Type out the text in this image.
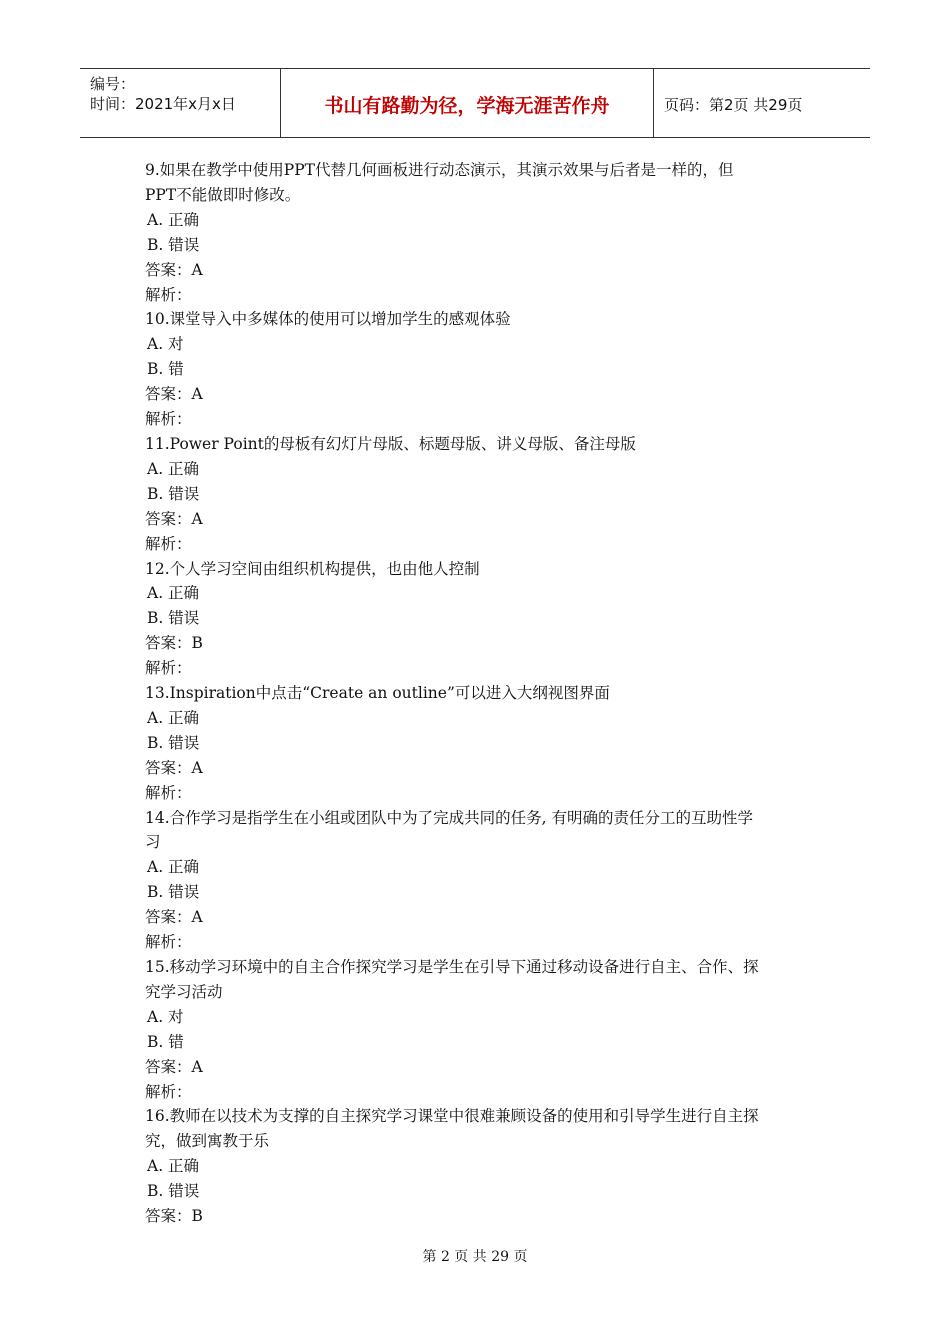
编号：
时间：2021年x月x日	书山有路勤为径，学海无涯苦作舟	页码：第2页 共29页
9.如果在教学中使用PPT代替几何画板进行动态演示，其演示效果与后者是一样的，但
PPT不能做即时修改。
A. 正确
B. 错误
答案：A
解析：
10.课堂导入中多媒体的使用可以增加学生的感观体验
A. 对
B. 错
答案：A
解析：
11.Power Point的母板有幻灯片母版、标题母版、讲义母版、备注母版
A. 正确
B. 错误
答案：A
解析：
12.个人学习空间由组织机构提供，也由他人控制
A. 正确
B. 错误
答案：B
解析：
13.Inspiration中点击“Create an outline”可以进入大纲视图界面
A. 正确
B. 错误
答案：A
解析：
14.合作学习是指学生在小组或团队中为了完成共同的任务, 有明确的责任分工的互助性学
习
A. 正确
B. 错误
答案：A
解析：
15.移动学习环境中的自主合作探究学习是学生在引导下通过移动设备进行自主、合作、探
究学习活动
A. 对
B. 错
答案：A
解析：
16.教师在以技术为支撑的自主探究学习课堂中很难兼顾设备的使用和引导学生进行自主探
究，做到寓教于乐
A. 正确
B. 错误
答案：B
第 2 页 共 29 页
